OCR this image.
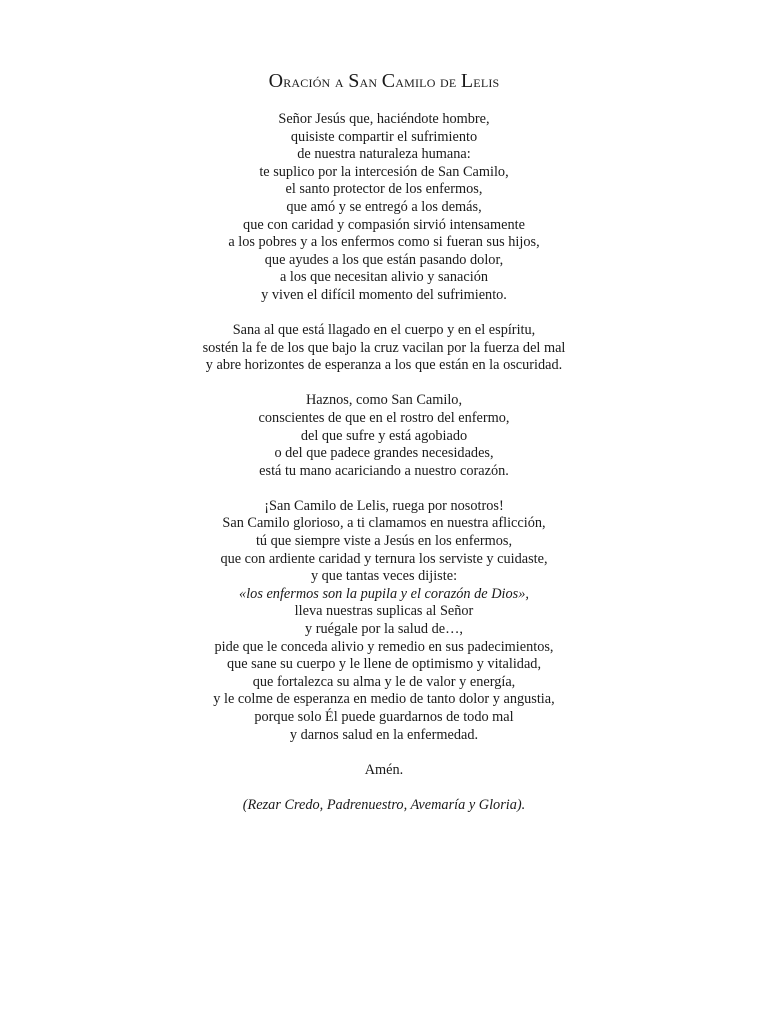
Oración a San Camilo de Lelis
Señor Jesús que, haciéndote hombre,
quisiste compartir el sufrimiento
de nuestra naturaleza humana:
te suplico por la intercesión de San Camilo,
el santo protector de los enfermos,
que amó y se entregó a los demás,
que con caridad y compasión sirvió intensamente
a los pobres y a los enfermos como si fueran sus hijos,
que ayudes a los que están pasando dolor,
a los que necesitan alivio y sanación
y viven el difícil momento del sufrimiento.
Sana al que está llagado en el cuerpo y en el espíritu,
sostén la fe de los que bajo la cruz vacilan por la fuerza del mal
y abre horizontes de esperanza a los que están en la oscuridad.
Haznos, como San Camilo,
conscientes de que en el rostro del enfermo,
del que sufre y está agobiado
o del que padece grandes necesidades,
está tu mano acariciando a nuestro corazón.
¡San Camilo de Lelis, ruega por nosotros!
San Camilo glorioso, a ti clamamos en nuestra aflicción,
tú que siempre viste a Jesús en los enfermos,
que con ardiente caridad y ternura los serviste y cuidaste,
y que tantas veces dijiste:
«los enfermos son la pupila y el corazón de Dios»,
lleva nuestras suplicas al Señor
y ruégale por la salud de…,
pide que le conceda alivio y remedio en sus padecimientos,
que sane su cuerpo y le llene de optimismo y vitalidad,
que fortalezca su alma y le de valor y energía,
y le colme de esperanza en medio de tanto dolor y angustia,
porque solo Él puede guardarnos de todo mal
y darnos salud en la enfermedad.
Amén.
(Rezar Credo, Padrenuestro, Avemaría y Gloria).
